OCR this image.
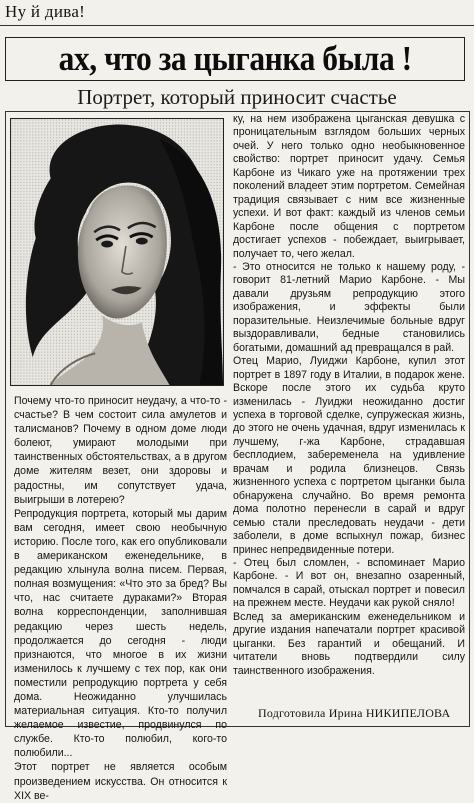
Ну й дива!
ах, что за цыганка была !
Портрет, который приносит счастье

Почему что-то приносит неудачу, а что-то - счастье? В чем состоит сила амулетов и талисманов? Почему в одном доме люди болеют, умирают молодыми при таинственных обстоятельствах, а в другом доме жителям везет, они здоровы и радостны, им сопутствует удача, выигрыши в лотерею?

Репродукция портрета, который мы дарим вам сегодня, имеет свою необычную историю. После того, как его опубликовали в американском еженедельнике, в редакцию хлынула волна писем. Первая, полная возмущения: «Что это за бред? Вы что, нас считаете дураками?» Вторая волна корреспонденции, заполнившая редакцию через шесть недель, продолжается до сегодня - люди признаются, что многое в их жизни изменилось к лучшему с тех пор, как они поместили репродукцию портрета у себя дома. Неожиданно улучшилась материальная ситуация. Кто-то получил желаемое известие, продвинулся по службе. Кто-то полюбил, кого-то полюбили...

Этот портрет не является особым произведением искусства. Он относится к XIX ве-

ку, на нем изображена цыганская девушка с проницательным взглядом больших черных очей. У него только одно необыкновенное свойство: портрет приносит удачу. Семья Карбоне из Чикаго уже на протяжении трех поколений владеет этим портретом. Семейная традиция связывает с ним все жизненные успехи. И вот факт: каждый из членов семьи Карбоне после общения с портретом достигает успехов - побеждает, выигрывает, получает то, чего желал.

- Это относится не только к нашему роду, - говорит 81-летний Марио Карбоне. - Мы давали друзьям репродукцию этого изображения, и эффекты были поразительные. Неизлечимые больные вдруг выздоравливали, бедные становились богатыми, домашний ад превращался в рай.

Отец Марио, Луиджи Карбоне, купил этот портрет в 1897 году в Италии, в подарок жене. Вскоре после этого их судьба круто изменилась - Луиджи неожиданно достиг успеха в торговой сделке, супружеская жизнь, до этого не очень удачная, вдруг изменилась к лучшему, г-жа Карбоне, страдавшая бесплодием, забеременела на удивление врачам и родила близнецов. Связь жизненного успеха с портретом цыганки была обнаружена случайно. Во время ремонта дома полотно перенесли в сарай и вдруг семью стали преследовать неудачи - дети заболели, в доме вспыхнул пожар, бизнес принес непредвиденные потери.

- Отец был сломлен, - вспоминает Марио Карбоне. - И вот он, внезапно озаренный, помчался в сарай, отыскал портрет и повесил на прежнем месте. Неудачи как рукой сняло!

Вслед за американским еженедельником и другие издания напечатали портрет красивой цыганки. Без гарантий и обещаний. И читатели вновь подтвердили силу таинственного изображения.

Подготовила Ирина НИКИПЕЛОВА
